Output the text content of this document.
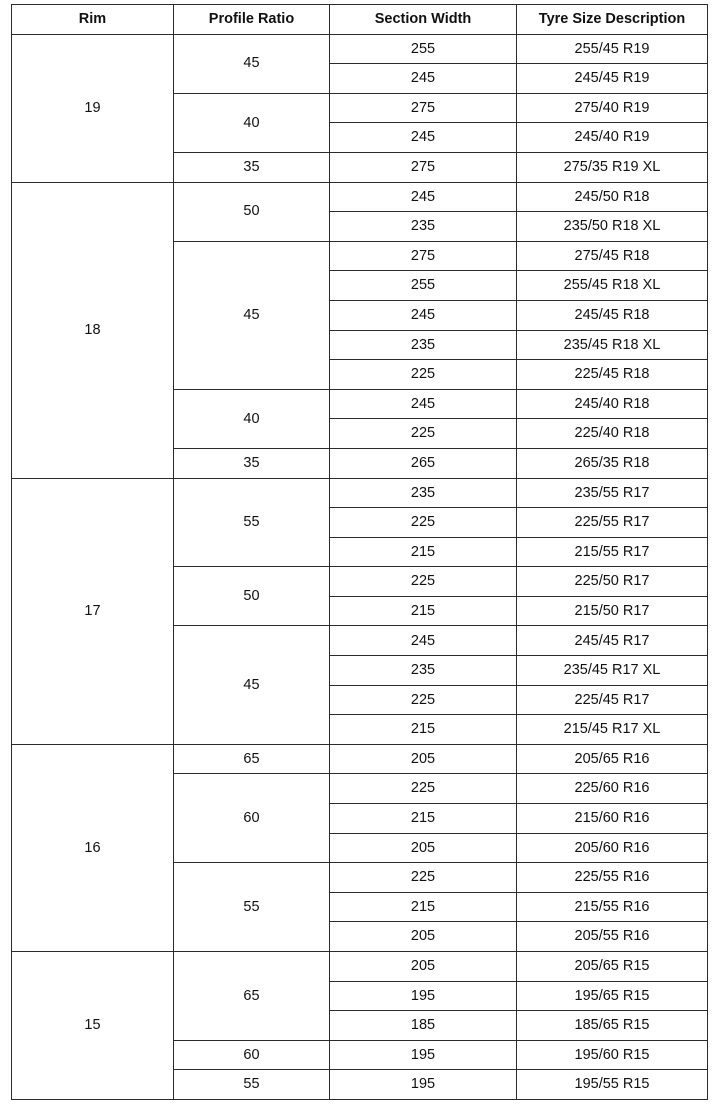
Rim	Profile Ratio	Section Width	Tyre Size Description
19	45	255	255/45 R19
		245	245/45 R19
	40	275	275/40 R19
		245	245/40 R19
	35	275	275/35 R19 XL
18	50	245	245/50 R18
		235	235/50 R18 XL
	45	275	275/45 R18
		255	255/45 R18 XL
		245	245/45 R18
		235	235/45 R18 XL
		225	225/45 R18
	40	245	245/40 R18
		225	225/40 R18
	35	265	265/35 R18
17	55	235	235/55 R17
		225	225/55 R17
		215	215/55 R17
	50	225	225/50 R17
		215	215/50 R17
	45	245	245/45 R17
		235	235/45 R17 XL
		225	225/45 R17
		215	215/45 R17 XL
16	65	205	205/65 R16
	60	225	225/60 R16
		215	215/60 R16
		205	205/60 R16
	55	225	225/55 R16
		215	215/55 R16
		205	205/55 R16
15	65	205	205/65 R15
		195	195/65 R15
		185	185/65 R15
	60	195	195/60 R15
	55	195	195/55 R15
